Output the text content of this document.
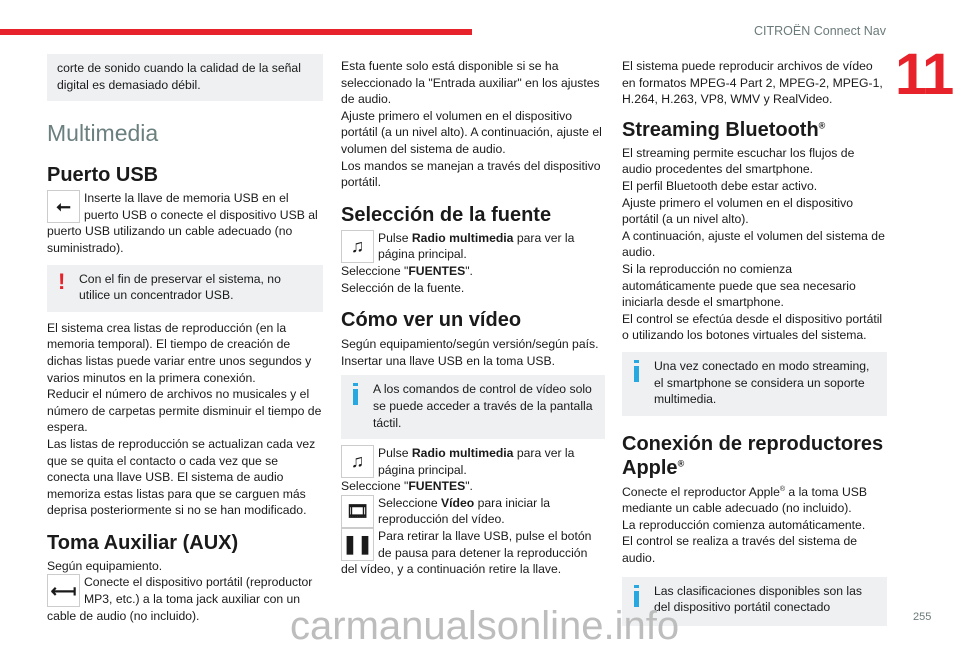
CITROËN Connect Nav
11

corte de sonido cuando la calidad de la señal digital es demasiado débil.

Multimedia
Puerto USB
⭠	Inserte la llave de memoria USB en el puerto USB o conecte el dispositivo USB al puerto USB utilizando un cable adecuado (no suministrado).

! Con el fin de preservar el sistema, no utilice un concentrador USB.

El sistema crea listas de reproducción (en la memoria temporal). El tiempo de creación de dichas listas puede variar entre unos segundos y varios minutos en la primera conexión.

Reducir el número de archivos no musicales y el número de carpetas permite disminuir el tiempo de espera.

Las listas de reproducción se actualizan cada vez que se quita el contacto o cada vez que se conecta una llave USB. El sistema de audio memoriza estas listas para que se carguen más deprisa posteriormente si no se han modificado.

Toma Auxiliar (AUX)

Según equipamiento.

⟻ Conecte el dispositivo portátil (reproductor MP3, etc.) a la toma jack auxiliar con un cable de audio (no incluido).

Esta fuente solo está disponible si se ha seleccionado la "Entrada auxiliar" en los ajustes de audio.

Ajuste primero el volumen en el dispositivo portátil (a un nivel alto). A continuación, ajuste el volumen del sistema de audio.

Los mandos se manejan a través del dispositivo portátil.

Selección de la fuente
♫	Pulse Radio multimedia para ver la página principal.

Seleccione "FUENTES".

Selección de la fuente.

Cómo ver un vídeo

Según equipamiento/según versión/según país. Insertar una llave USB en la toma USB.

A los comandos de control de vídeo solo se puede acceder a través de la pantalla táctil.

♫	Pulse Radio multimedia para ver la página principal.

Seleccione "FUENTES".

🎞 Seleccione Vídeo para iniciar la reproducción del vídeo.

❚❚ Para retirar la llave USB, pulse el botón de pausa para detener la reproducción del vídeo, y a continuación retire la llave.

El sistema puede reproducir archivos de vídeo en formatos MPEG-4 Part 2, MPEG-2, MPEG-1, H.264, H.263, VP8, WMV y RealVideo.

Streaming Bluetooth®

El streaming permite escuchar los flujos de audio procedentes del smartphone.

El perfil Bluetooth debe estar activo.

Ajuste primero el volumen en el dispositivo portátil (a un nivel alto).

A continuación, ajuste el volumen del sistema de audio.

Si la reproducción no comienza automáticamente puede que sea necesario iniciarla desde el smartphone.

El control se efectúa desde el dispositivo portátil o utilizando los botones virtuales del sistema.

Una vez conectado en modo streaming, el smartphone se considera un soporte multimedia.

Conexión de reproductores
Apple®

Conecte el reproductor Apple® a la toma USB mediante un cable adecuado (no incluido).

La reproducción comienza automáticamente.

El control se realiza a través del sistema de audio.

Las clasificaciones disponibles son las del dispositivo portátil conectado

carmanualsonline.info	255
